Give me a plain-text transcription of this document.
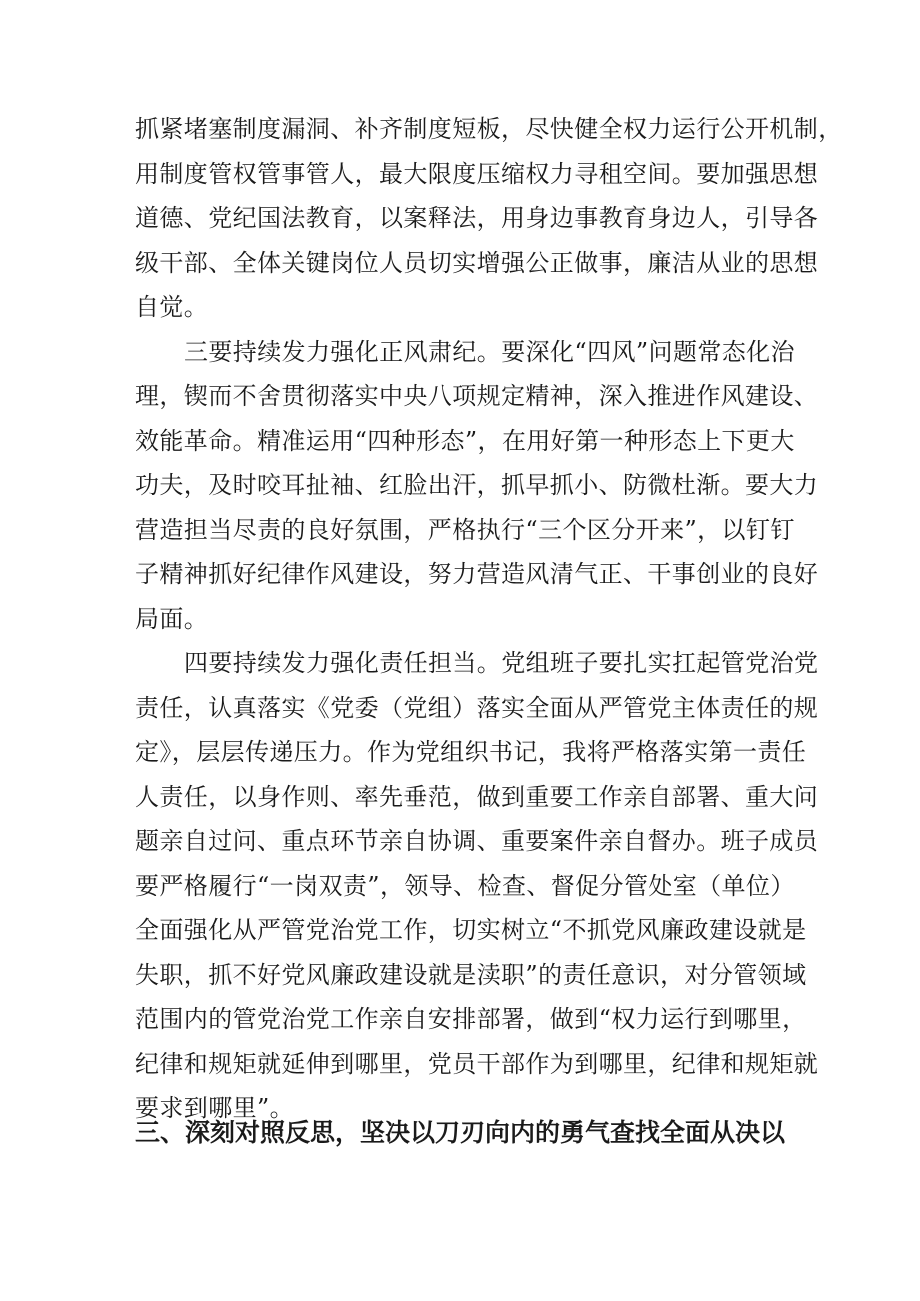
抓紧堵塞制度漏洞、补齐制度短板，尽快健全权力运行公开机制，
用制度管权管事管人，最大限度压缩权力寻租空间。要加强思想
道德、党纪国法教育，以案释法，用身边事教育身边人，引导各
级干部、全体关键岗位人员切实增强公正做事，廉洁从业的思想
自觉。
三要持续发力强化正风肃纪。要深化“四风”问题常态化治
理，锲而不舍贯彻落实中央八项规定精神，深入推进作风建设、
效能革命。精准运用“四种形态”，在用好第一种形态上下更大
功夫，及时咬耳扯袖、红脸出汗，抓早抓小、防微杜渐。要大力
营造担当尽责的良好氛围，严格执行“三个区分开来”，以钉钉
子精神抓好纪律作风建设，努力营造风清气正、干事创业的良好
局面。
四要持续发力强化责任担当。党组班子要扎实扛起管党治党
责任，认真落实《党委（党组）落实全面从严管党主体责任的规
定》，层层传递压力。作为党组织书记，我将严格落实第一责任
人责任，以身作则、率先垂范，做到重要工作亲自部署、重大问
题亲自过问、重点环节亲自协调、重要案件亲自督办。班子成员
要严格履行“一岗双责”，领导、检查、督促分管处室（单位）
全面强化从严管党治党工作，切实树立“不抓党风廉政建设就是
失职，抓不好党风廉政建设就是渎职”的责任意识，对分管领域
范围内的管党治党工作亲自安排部署，做到“权力运行到哪里，
纪律和规矩就延伸到哪里，党员干部作为到哪里，纪律和规矩就
要求到哪里”。
三、深刻对照反思，坚决以刀刃向内的勇气查找全面从决以
